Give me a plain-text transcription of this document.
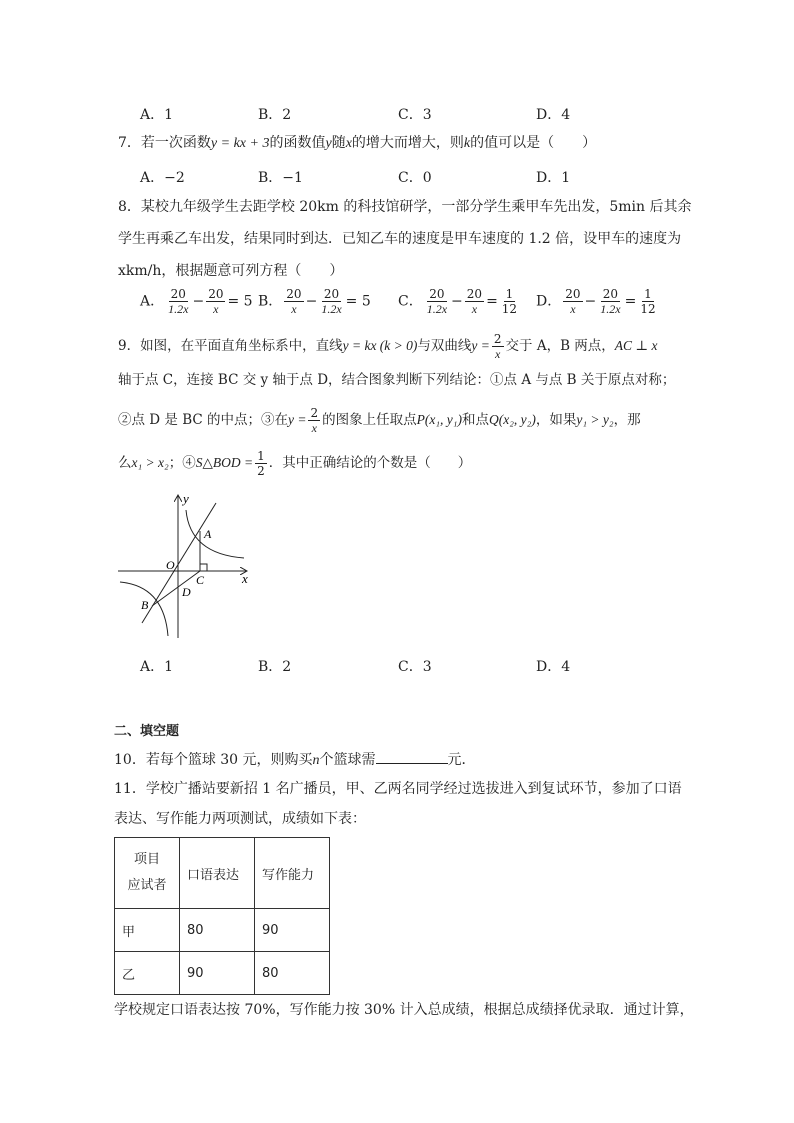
A．1	B．2	C．3	D．4
7．若一次函数y = kx + 3的函数值y随x的增大而增大，则k的值可以是（　　）
A．−2	B．−1	C．0	D．1
8．某校九年级学生去距学校 20km 的科技馆研学，一部分学生乘甲车先出发，5min 后其余
学生再乘乙车出发，结果同时到达．已知乙车的速度是甲车速度的 1.2 倍，设甲车的速度为
xkm/h，根据题意可列方程（　　）
A． $\frac{20}{1.2x} - \frac{20}{x} = 5$ B． $\frac{20}{x} - \frac{20}{1.2x} = 5$ C． $\frac{20}{1.2x} - \frac{20}{x} = \frac{1}{12}$ D． $\frac{20}{x} - \frac{20}{1.2x} = \frac{1}{12}$
9．如图，在平面直角坐标系中，直线y = kx (k > 0)与双曲线$y = \frac{2}{x}$ 交于 A，B 两点，AC ⊥ x
轴于点 C，连接 BC 交 y 轴于点 D，结合图象判断下列结论：①点 A 与点 B 关于原点对称；
②点 D 是 BC 的中点；③在$y = \frac{2}{x}$ 的图象上任取点P(x₁, y₁)和点Q(x₂, y₂)，如果y₁ > y₂，那
么x₁ > x₂；④S△BOD = $\frac{1}{2}$ ．其中正确结论的个数是（　　）
y
x
A
O
C
D
B
A．1	B．2	C．3	D．4
二、填空题
10．若每个篮球 30 元，则购买n个篮球需	元．
11．学校广播站要新招 1 名广播员，甲、乙两名同学经过选拔进入到复试环节，参加了口语
表达、写作能力两项测试，成绩如下表：
项目
应试者	口语表达	写作能力
甲	80	90
乙	90	80
学校规定口语表达按 70%，写作能力按 30% 计入总成绩，根据总成绩择优录取．通过计算，
